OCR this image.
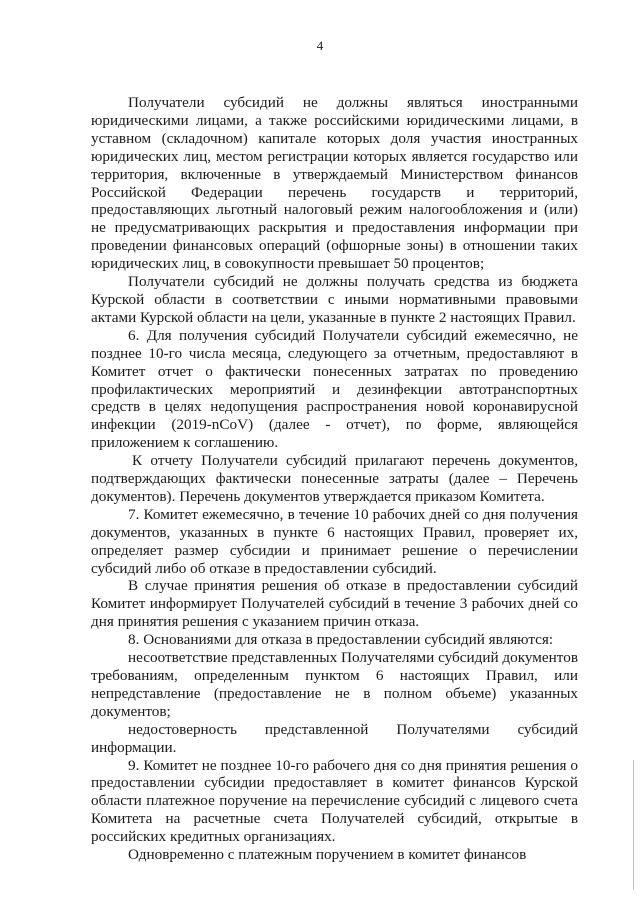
4

Получатели субсидий не должны являться иностранными юридическими лицами, а также российскими юридическими лицами, в уставном (складочном) капитале которых доля участия иностранных юридических лиц, местом регистрации которых является государство или территория, включенные в утверждаемый Министерством финансов Российской Федерации перечень государств и территорий, предоставляющих льготный налоговый режим налогообложения и (или) не предусматривающих раскрытия и предоставления информации при проведении финансовых операций (офшорные зоны) в отношении таких юридических лиц, в совокупности превышает 50 процентов;

Получатели субсидий не должны получать средства из бюджета Курской области в соответствии с иными нормативными правовыми актами Курской области на цели, указанные в пункте 2 настоящих Правил.

6. Для получения субсидий Получатели субсидий ежемесячно, не позднее 10-го числа месяца, следующего за отчетным, предоставляют в Комитет отчет о фактически понесенных затратах по проведению профилактических мероприятий и дезинфекции автотранспортных средств в целях недопущения распространения новой коронавирусной инфекции (2019-nCoV) (далее - отчет), по форме, являющейся приложением к соглашению.

К отчету Получатели субсидий прилагают перечень документов, подтверждающих фактически понесенные затраты (далее – Перечень документов). Перечень документов утверждается приказом Комитета.

7. Комитет ежемесячно, в течение 10 рабочих дней со дня получения документов, указанных в пункте 6 настоящих Правил, проверяет их, определяет размер субсидии и принимает решение о перечислении субсидий либо об отказе в предоставлении субсидий.

В случае принятия решения об отказе в предоставлении субсидий Комитет информирует Получателей субсидий в течение 3 рабочих дней со дня принятия решения с указанием причин отказа.

8. Основаниями для отказа в предоставлении субсидий являются:

несоответствие представленных Получателями субсидий документов требованиям, определенным пунктом 6 настоящих Правил, или непредставление (предоставление не в полном объеме) указанных документов;

недостоверность представленной Получателями субсидий информации.

9. Комитет не позднее 10-го рабочего дня со дня принятия решения о предоставлении субсидии предоставляет в комитет финансов Курской области платежное поручение на перечисление субсидий с лицевого счета Комитета на расчетные счета Получателей субсидий, открытые в российских кредитных организациях.

Одновременно с платежным поручением в комитет финансов
